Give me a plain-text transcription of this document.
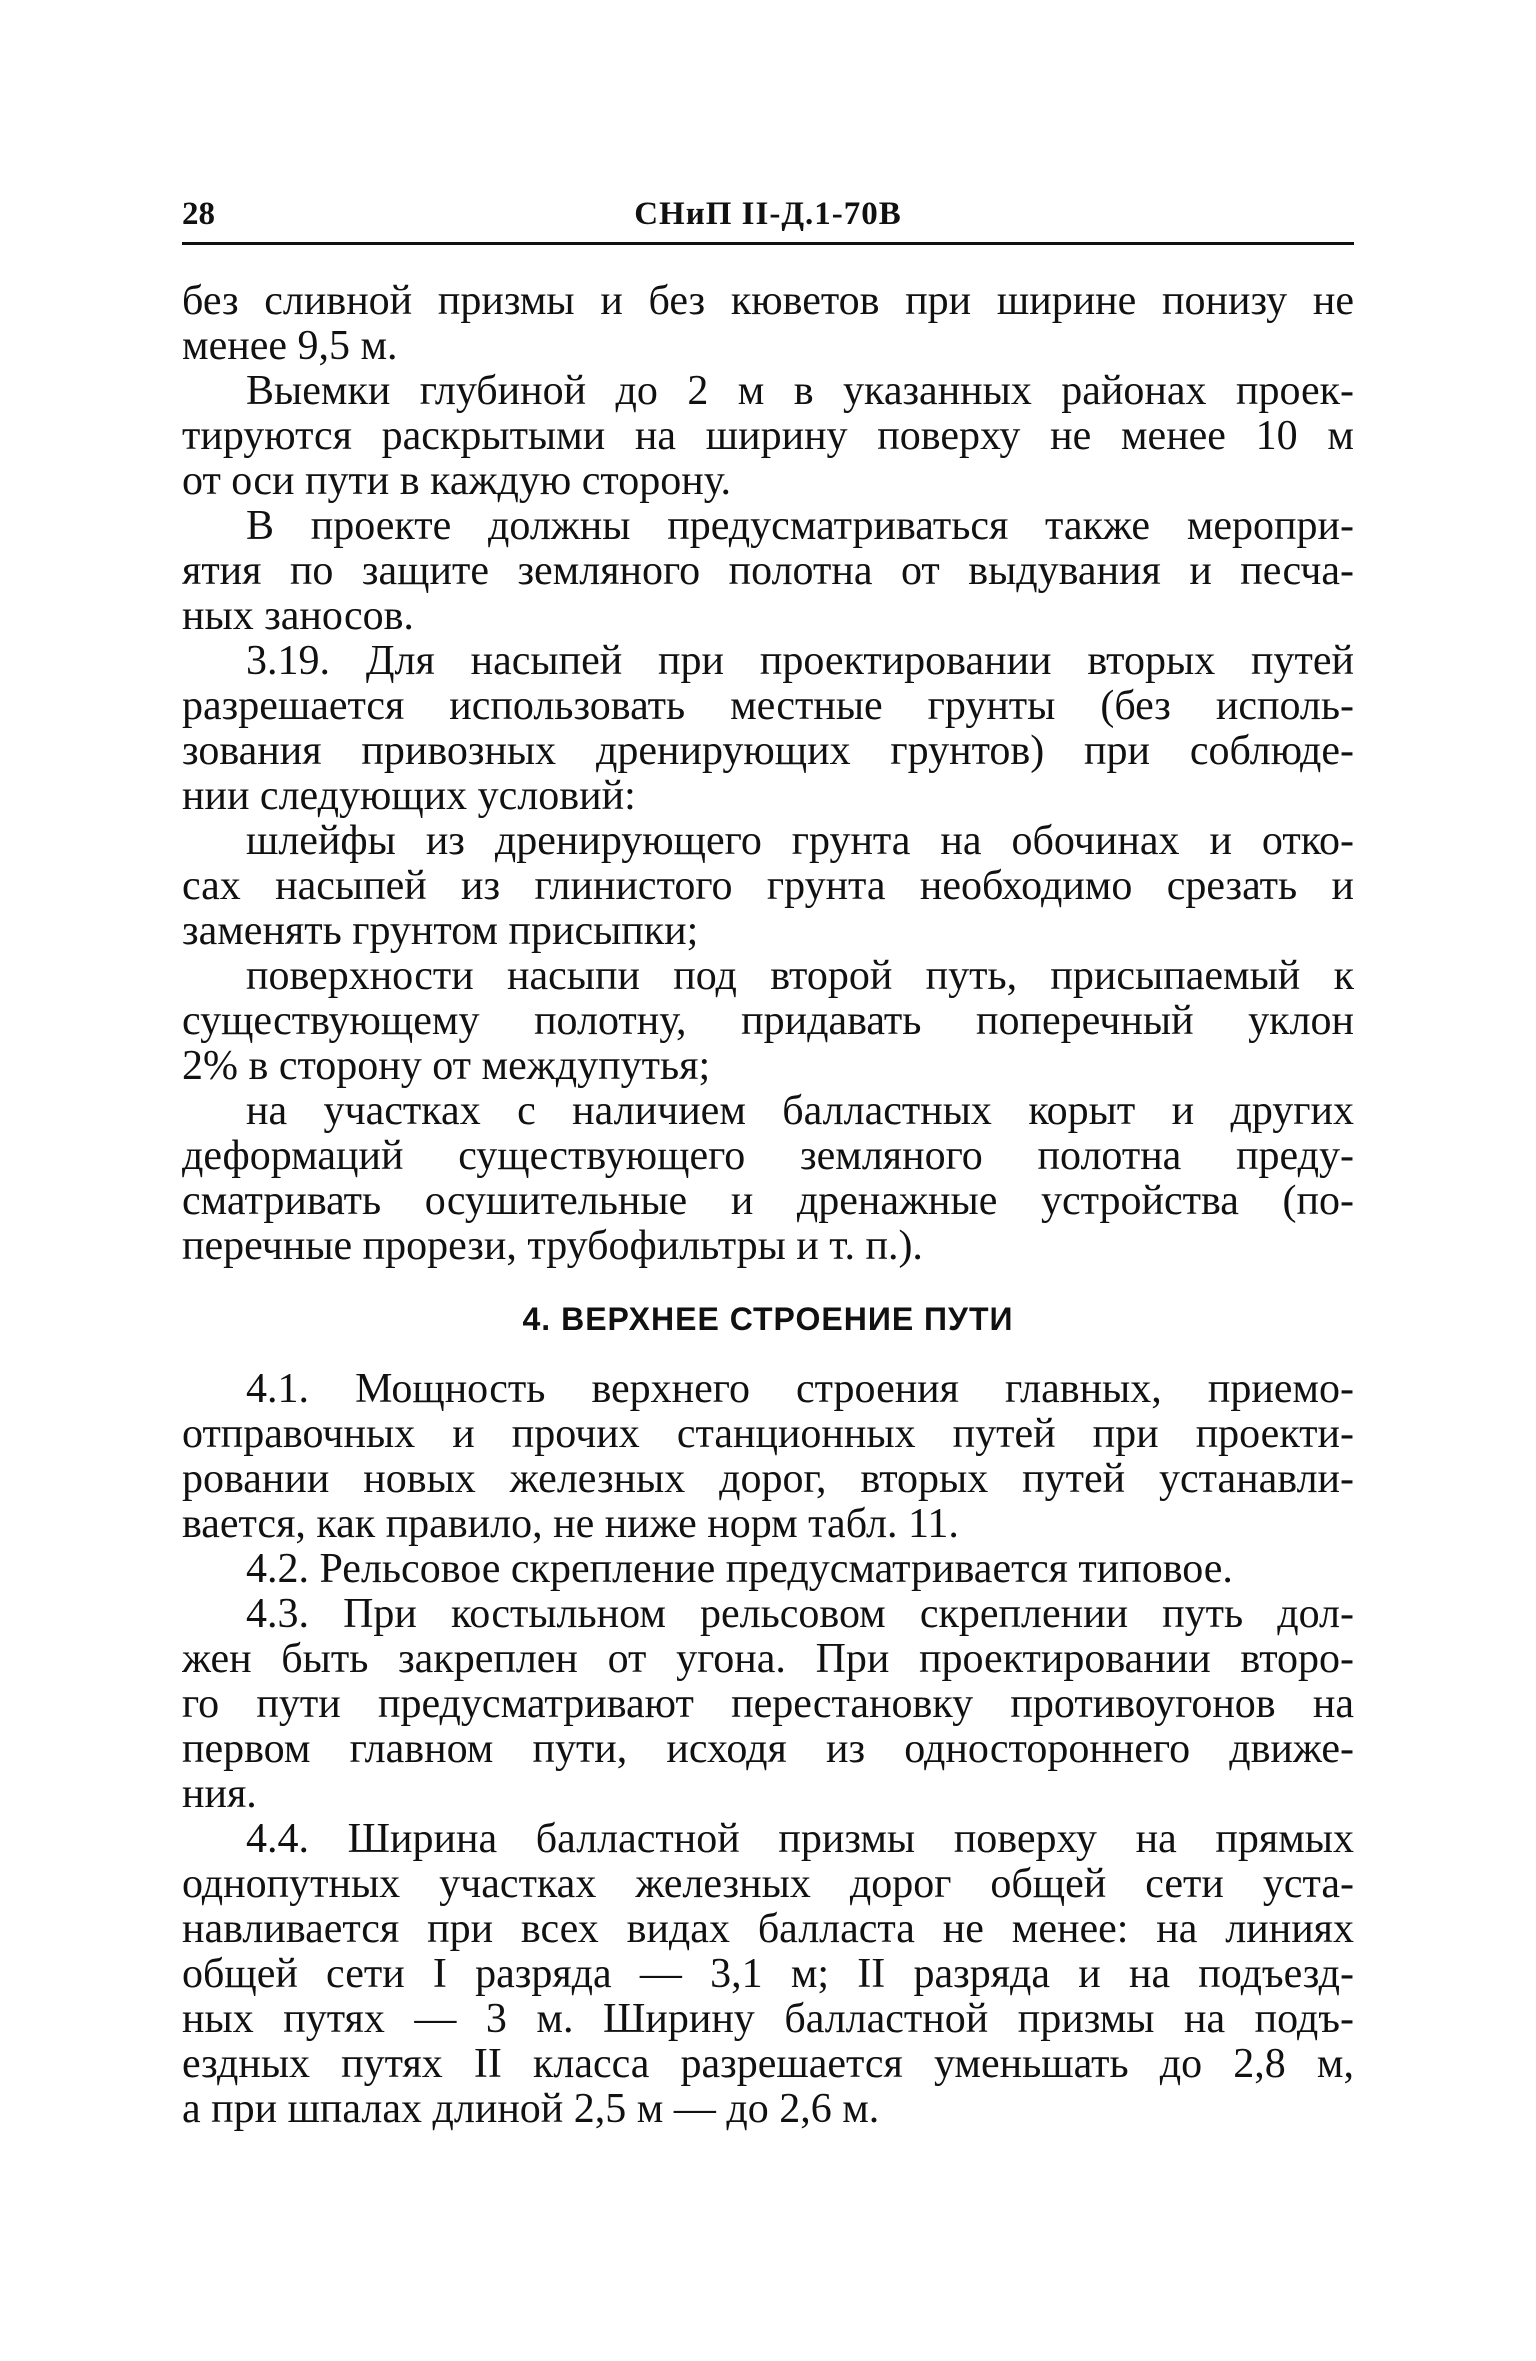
28	СНиП II-Д.1-70В
без сливной призмы и без кюветов при ширине понизу не
менее 9,5 м.
Выемки глубиной до 2 м в указанных районах проек-
тируются раскрытыми на ширину поверху не менее 10 м
от оси пути в каждую сторону.
В проекте должны предусматриваться также меропри-
ятия по защите земляного полотна от выдувания и песча-
ных заносов.
3.19. Для насыпей при проектировании вторых путей
разрешается использовать местные грунты (без исполь-
зования привозных дренирующих грунтов) при соблюде-
нии следующих условий:
шлейфы из дренирующего грунта на обочинах и отко-
сах насыпей из глинистого грунта необходимо срезать и
заменять грунтом присыпки;
поверхности насыпи под второй путь, присыпаемый к
существующему полотну, придавать поперечный уклон
2% в сторону от междупутья;
на участках с наличием балластных корыт и других
деформаций существующего земляного полотна преду-
сматривать осушительные и дренажные устройства (по-
перечные прорези, трубофильтры и т. п.).
4. ВЕРХНЕЕ СТРОЕНИЕ ПУТИ
4.1. Мощность верхнего строения главных, приемо-
отправочных и прочих станционных путей при проекти-
ровании новых железных дорог, вторых путей устанавли-
вается, как правило, не ниже норм табл. 11.
4.2. Рельсовое скрепление предусматривается типовое.
4.3. При костыльном рельсовом скреплении путь дол-
жен быть закреплен от угона. При проектировании второ-
го пути предусматривают перестановку противоугонов на
первом главном пути, исходя из одностороннего движе-
ния.
4.4. Ширина балластной призмы поверху на прямых
однопутных участках железных дорог общей сети уста-
навливается при всех видах балласта не менее: на линиях
общей сети I разряда — 3,1 м; II разряда и на подъезд-
ных путях — 3 м. Ширину балластной призмы на подъ-
ездных путях II класса разрешается уменьшать до 2,8 м,
а при шпалах длиной 2,5 м — до 2,6 м.
